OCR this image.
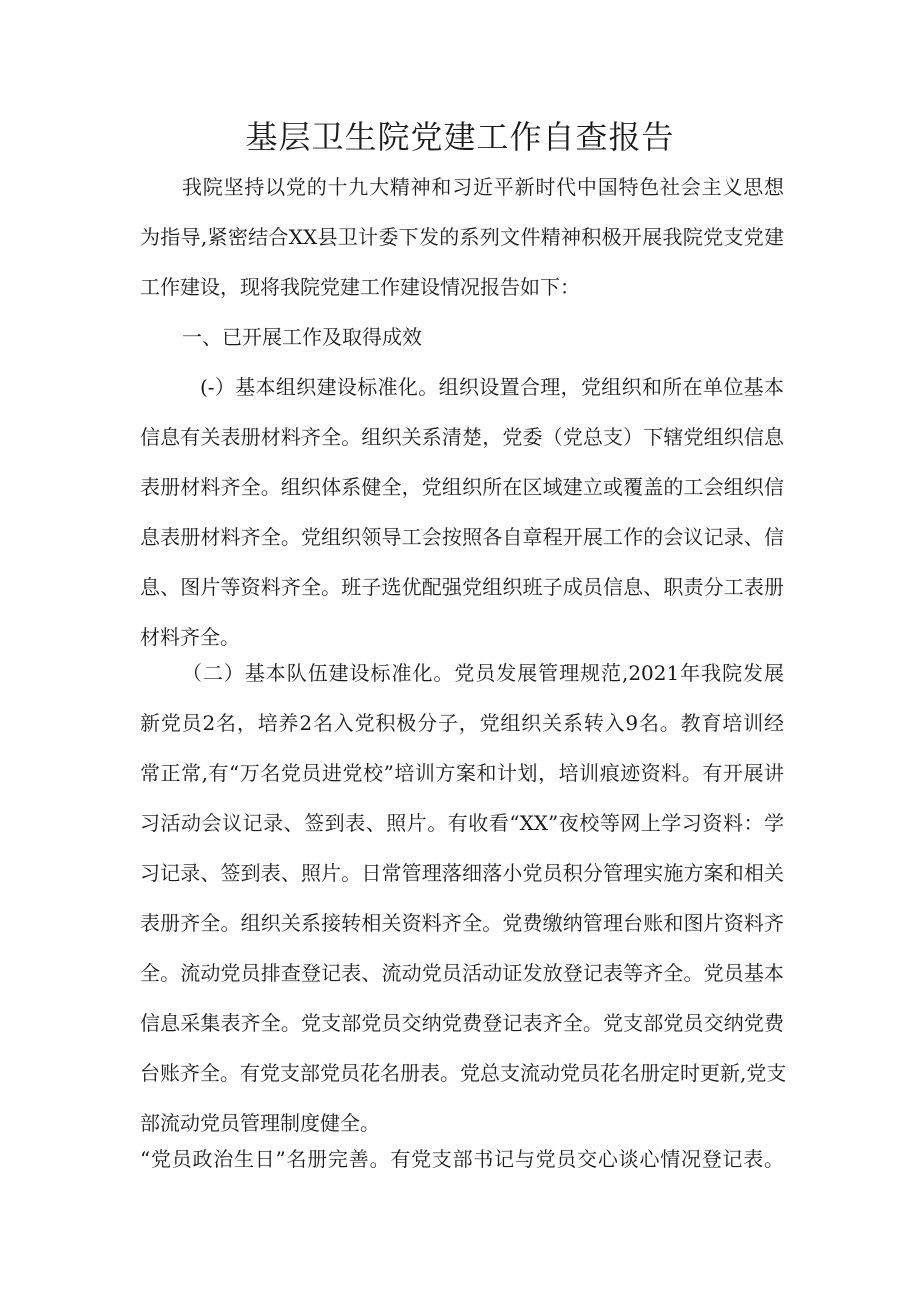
基层卫生院党建工作自查报告
我院坚持以党的十九大精神和习近平新时代中国特色社会主义思想
为指导,紧密结合XX县卫计委下发的系列文件精神积极开展我院党支党建
工作建设，现将我院党建工作建设情况报告如下：
一、已开展工作及取得成效
(-）基本组织建设标准化。组织设置合理，党组织和所在单位基本
信息有关表册材料齐全。组织关系清楚，党委（党总支）下辖党组织信息
表册材料齐全。组织体系健全，党组织所在区域建立或覆盖的工会组织信
息表册材料齐全。党组织领导工会按照各自章程开展工作的会议记录、信
息、图片等资料齐全。班子选优配强党组织班子成员信息、职责分工表册
材料齐全。
（二）基本队伍建设标准化。党员发展管理规范,2021年我院发展
新党员2名，培养2名入党积极分子，党组织关系转入9名。教育培训经
常正常,有“万名党员进党校”培训方案和计划，培训痕迹资料。有开展讲
习活动会议记录、签到表、照片。有收看“XX”夜校等网上学习资料：学
习记录、签到表、照片。日常管理落细落小党员积分管理实施方案和相关
表册齐全。组织关系接转相关资料齐全。党费缴纳管理台账和图片资料齐
全。流动党员排查登记表、流动党员活动证发放登记表等齐全。党员基本
信息采集表齐全。党支部党员交纳党费登记表齐全。党支部党员交纳党费
台账齐全。有党支部党员花名册表。党总支流动党员花名册定时更新,党支
部流动党员管理制度健全。
“党员政治生日”名册完善。有党支部书记与党员交心谈心情况登记表。
